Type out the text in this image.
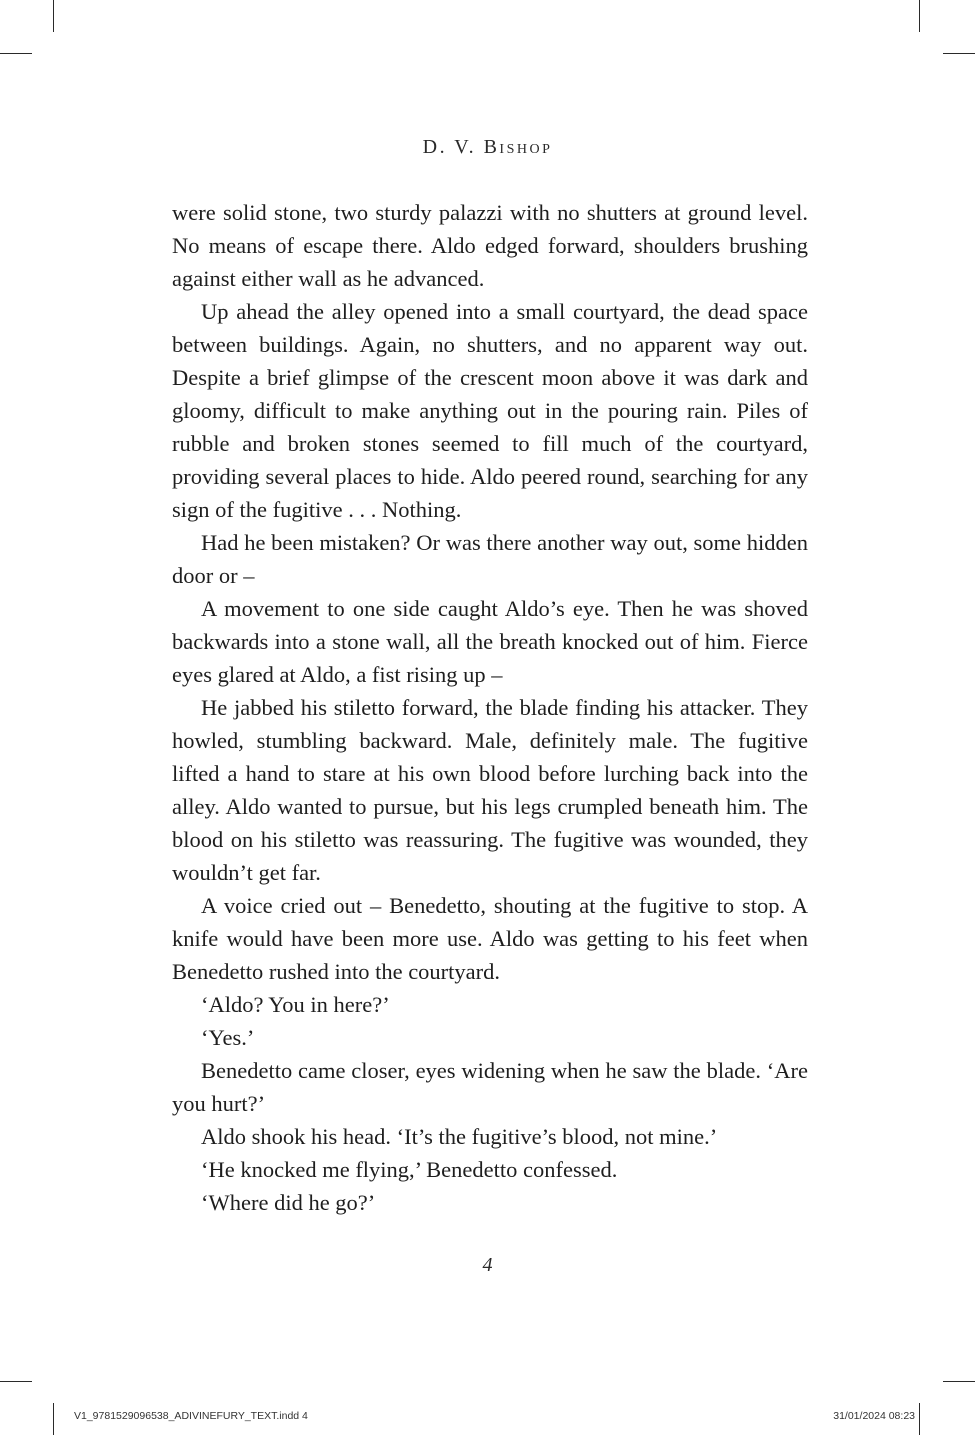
D. V. Bishop

were solid stone, two sturdy palazzi with no shutters at ground level. No means of escape there. Aldo edged forward, shoulders brushing against either wall as he advanced.

Up ahead the alley opened into a small courtyard, the dead space between buildings. Again, no shutters, and no apparent way out. Despite a brief glimpse of the crescent moon above it was dark and gloomy, difficult to make anything out in the pouring rain. Piles of rubble and broken stones seemed to fill much of the courtyard, providing several places to hide. Aldo peered round, searching for any sign of the fugitive . . . Nothing.

Had he been mistaken? Or was there another way out, some hidden door or –

A movement to one side caught Aldo’s eye. Then he was shoved backwards into a stone wall, all the breath knocked out of him. Fierce eyes glared at Aldo, a fist rising up –

He jabbed his stiletto forward, the blade finding his attacker. They howled, stumbling backward. Male, definitely male. The fugitive lifted a hand to stare at his own blood before lurching back into the alley. Aldo wanted to pursue, but his legs crumpled beneath him. The blood on his stiletto was reassuring. The fugitive was wounded, they wouldn’t get far.

A voice cried out – Benedetto, shouting at the fugitive to stop. A knife would have been more use. Aldo was getting to his feet when Benedetto rushed into the courtyard.

‘Aldo? You in here?’

‘Yes.’

Benedetto came closer, eyes widening when he saw the blade. ‘Are you hurt?’

Aldo shook his head. ‘It’s the fugitive’s blood, not mine.’

‘He knocked me flying,’ Benedetto confessed.

‘Where did he go?’

4
V1_9781529096538_ADIVINEFURY_TEXT.indd 4	31/01/2024 08:23
